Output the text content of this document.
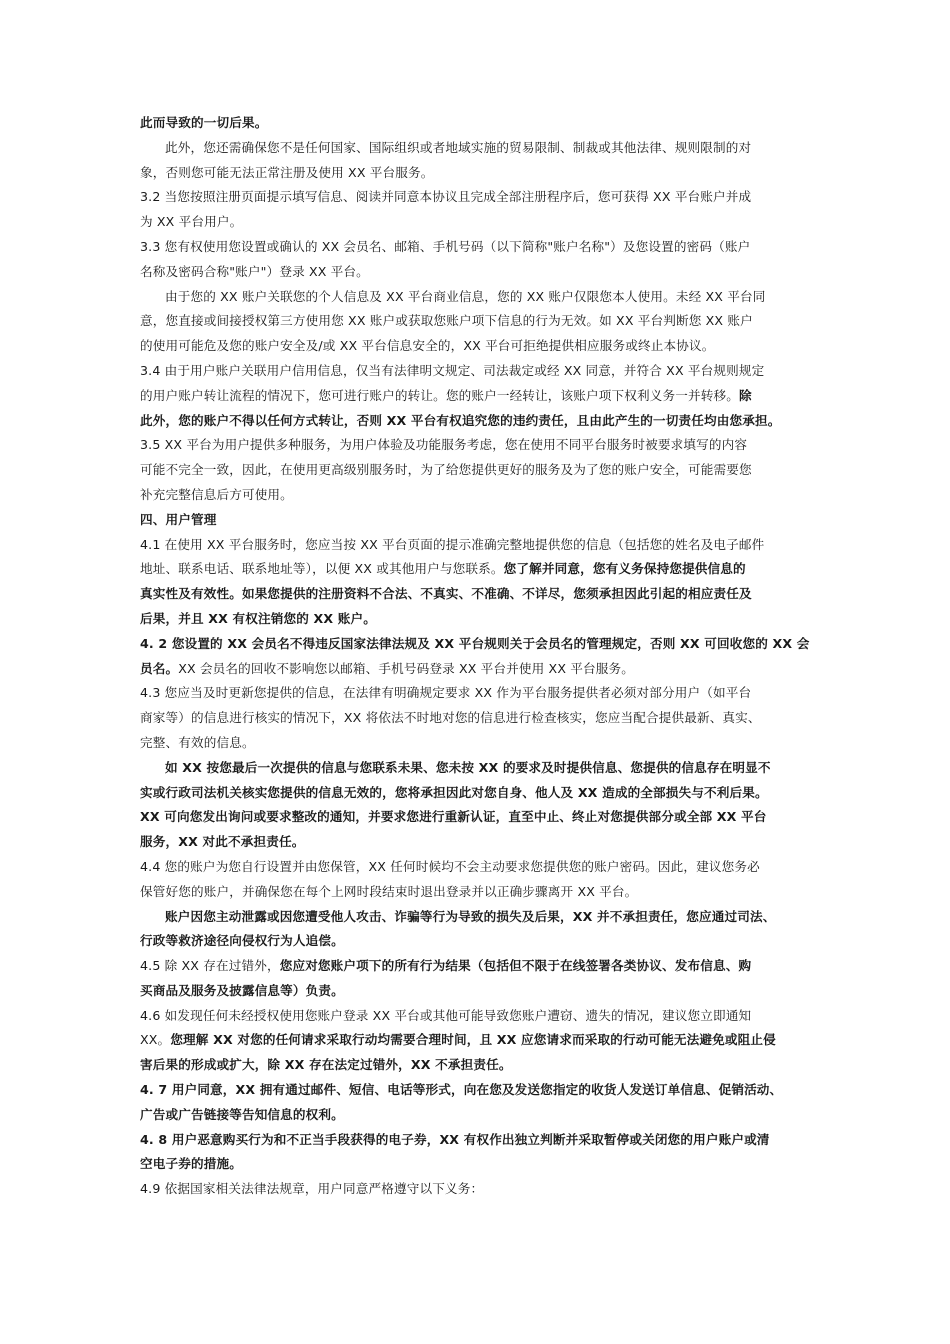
此而导致的一切后果。
此外，您还需确保您不是任何国家、国际组织或者地域实施的贸易限制、制裁或其他法律、规则限制的对
象，否则您可能无法正常注册及使用 XX 平台服务。
3.2 当您按照注册页面提示填写信息、阅读并同意本协议且完成全部注册程序后，您可获得 XX 平台账户并成
为 XX 平台用户。
3.3 您有权使用您设置或确认的 XX 会员名、邮箱、手机号码（以下简称"账户名称"）及您设置的密码（账户
名称及密码合称"账户"）登录 XX 平台。
由于您的 XX 账户关联您的个人信息及 XX 平台商业信息，您的 XX 账户仅限您本人使用。未经 XX 平台同
意，您直接或间接授权第三方使用您 XX 账户或获取您账户项下信息的行为无效。如 XX 平台判断您 XX 账户
的使用可能危及您的账户安全及/或 XX 平台信息安全的，XX 平台可拒绝提供相应服务或终止本协议。
3.4 由于用户账户关联用户信用信息，仅当有法律明文规定、司法裁定或经 XX 同意，并符合 XX 平台规则规定
的用户账户转让流程的情况下，您可进行账户的转让。您的账户一经转让，该账户项下权利义务一并转移。除
此外，您的账户不得以任何方式转让，否则 XX 平台有权追究您的违约责任，且由此产生的一切责任均由您承担。
3.5 XX 平台为用户提供多种服务，为用户体验及功能服务考虑，您在使用不同平台服务时被要求填写的内容
可能不完全一致，因此，在使用更高级别服务时，为了给您提供更好的服务及为了您的账户安全，可能需要您
补充完整信息后方可使用。
四、用户管理
4.1 在使用 XX 平台服务时，您应当按 XX 平台页面的提示准确完整地提供您的信息（包括您的姓名及电子邮件
地址、联系电话、联系地址等），以便 XX 或其他用户与您联系。您了解并同意，您有义务保持您提供信息的
真实性及有效性。如果您提供的注册资料不合法、不真实、不准确、不详尽，您须承担因此引起的相应责任及
后果，并且 XX 有权注销您的 XX 账户。
4. 2 您设置的 XX 会员名不得违反国家法律法规及 XX 平台规则关于会员名的管理规定，否则 XX 可回收您的 XX 会
员名。XX 会员名的回收不影响您以邮箱、手机号码登录 XX 平台并使用 XX 平台服务。
4.3 您应当及时更新您提供的信息，在法律有明确规定要求 XX 作为平台服务提供者必须对部分用户（如平台
商家等）的信息进行核实的情况下，XX 将依法不时地对您的信息进行检查核实，您应当配合提供最新、真实、
完整、有效的信息。
如 XX 按您最后一次提供的信息与您联系未果、您未按 XX 的要求及时提供信息、您提供的信息存在明显不
实或行政司法机关核实您提供的信息无效的，您将承担因此对您自身、他人及 XX 造成的全部损失与不利后果。
XX 可向您发出询问或要求整改的通知，并要求您进行重新认证，直至中止、终止对您提供部分或全部 XX 平台
服务，XX 对此不承担责任。
4.4 您的账户为您自行设置并由您保管，XX 任何时候均不会主动要求您提供您的账户密码。因此，建议您务必
保管好您的账户，并确保您在每个上网时段结束时退出登录并以正确步骤离开 XX 平台。
账户因您主动泄露或因您遭受他人攻击、诈骗等行为导致的损失及后果，XX 并不承担责任，您应通过司法、
行政等救济途径向侵权行为人追偿。
4.5 除 XX 存在过错外，您应对您账户项下的所有行为结果（包括但不限于在线签署各类协议、发布信息、购
买商品及服务及披露信息等）负责。
4.6 如发现任何未经授权使用您账户登录 XX 平台或其他可能导致您账户遭窃、遗失的情况，建议您立即通知
XX。您理解 XX 对您的任何请求采取行动均需要合理时间，且 XX 应您请求而采取的行动可能无法避免或阻止侵
害后果的形成或扩大，除 XX 存在法定过错外，XX 不承担责任。
4. 7 用户同意，XX 拥有通过邮件、短信、电话等形式，向在您及发送您指定的收货人发送订单信息、促销活动、
广告或广告链接等告知信息的权利。
4. 8 用户恶意购买行为和不正当手段获得的电子券，XX 有权作出独立判断并采取暂停或关闭您的用户账户或清
空电子券的措施。
4.9 依据国家相关法律法规章，用户同意严格遵守以下义务：
